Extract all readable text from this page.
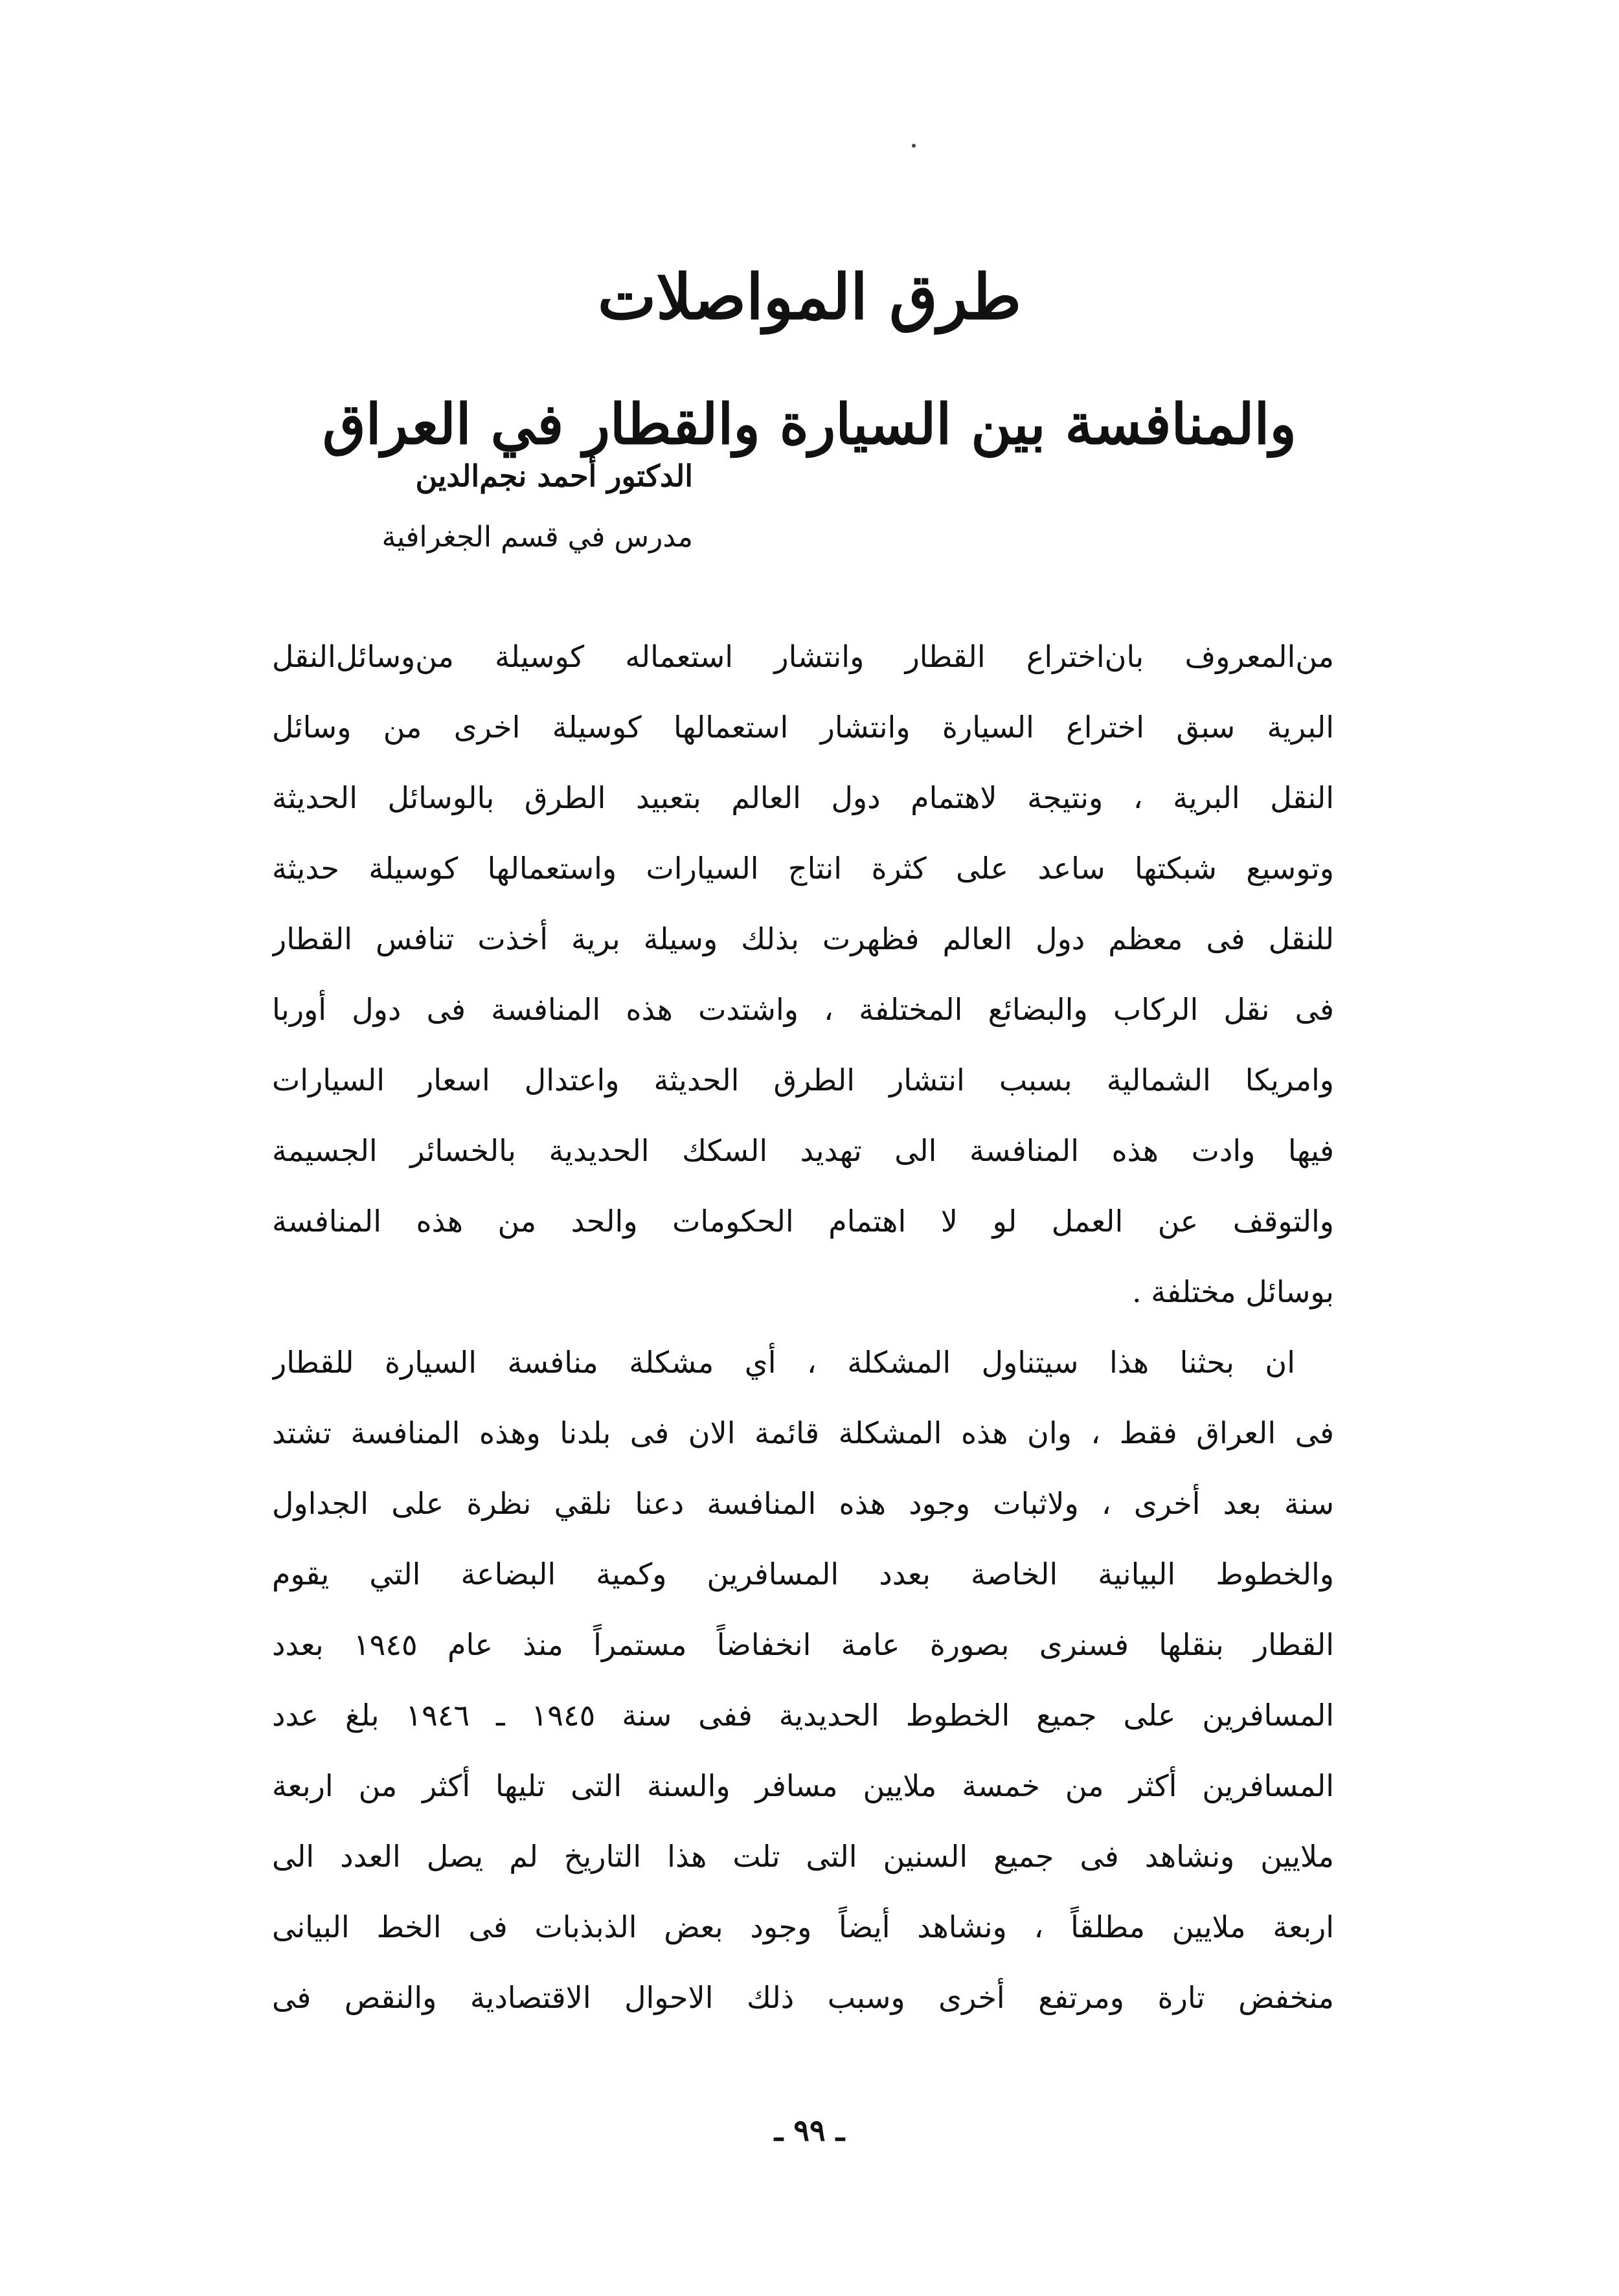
طرق المواصلات
والمنافسة بين السيارة والقطار في العراق
الدكتور أحمد نجم‌الدين
مدرس في قسم الجغرافية

من‌المعروف بان‌اختراع القطار وانتشار استعماله كوسيلة من‌وسائل‌النقل
البرية سبق اختراع السيارة وانتشار استعمالها كوسيلة اخرى من وسائل
النقل البرية ، ونتيجة لاهتمام دول العالم بتعبيد الطرق بالوسائل الحديثة
وتوسيع شبكتها ساعد على كثرة انتاج السيارات واستعمالها كوسيلة حديثة
للنقل فى معظم دول العالم فظهرت بذلك وسيلة برية أخذت تنافس القطار
فى نقل الركاب والبضائع المختلفة ، واشتدت هذه المنافسة فى دول أوربا
وامريكا الشمالية بسبب انتشار الطرق الحديثة واعتدال اسعار السيارات
فيها وادت هذه المنافسة الى تهديد السكك الحديدية بالخسائر الجسيمة
والتوقف عن العمل لو لا اهتمام الحكومات والحد من هذه المنافسة
بوسائل مختلفة .

ان بحثنا هذا سيتناول المشكلة ، أي مشكلة منافسة السيارة للقطار
فى العراق فقط ، وان هذه المشكلة قائمة الان فى بلدنا وهذه المنافسة تشتد
سنة بعد أخرى ، ولاثبات وجود هذه المنافسة دعنا نلقي نظرة على الجداول
والخطوط البيانية الخاصة بعدد المسافرين وكمية البضاعة التي يقوم
القطار بنقلها فسنرى بصورة عامة انخفاضاً مستمراً منذ عام ١٩٤٥ بعدد
المسافرين على جميع الخطوط الحديدية ففى سنة ١٩٤٥ ـ ١٩٤٦ بلغ عدد
المسافرين أكثر من خمسة ملايين مسافر والسنة التى تليها أكثر من اربعة
ملايين ونشاهد فى جميع السنين التى تلت هذا التاريخ لم يصل العدد الى
اربعة ملايين مطلقاً ، ونشاهد أيضاً وجود بعض الذبذبات فى الخط البيانى
منخفض تارة ومرتفع أخرى وسبب ذلك الاحوال الاقتصادية والنقص فى

ـ ٩٩ ـ
